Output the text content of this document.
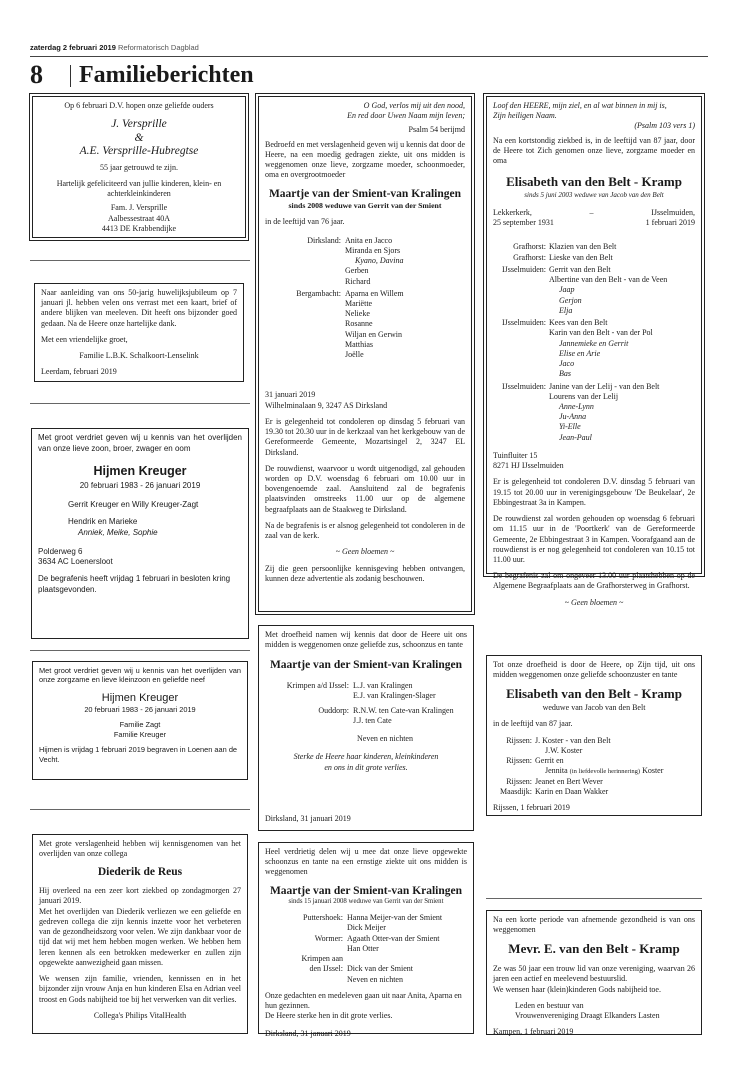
zaterdag 2 februari 2019 Reformatorisch Dagblad
8 Familieberichten
Op 6 februari D.V. hopen onze geliefde ouders
J. Versprille
&
A.E. Versprille-Hubregtse
55 jaar getrouwd te zijn.
Hartelijk gefeliciteerd van jullie kinderen, klein- en achterkleinkinderen
Fam. J. Versprille
Aalbessestraat 40A
4413 DE Krabbendijke
Naar aanleiding van ons 50-jarig huwelijksjubileum op 7 januari jl. hebben velen ons verrast met een kaart, brief of andere blijken van meeleven. Dit heeft ons bijzonder goed gedaan. Na de Heere onze hartelijke dank.
Met een vriendelijke groet,
Familie L.B.K. Schalkoort-Lenselink
Leerdam, februari 2019
Met groot verdriet geven wij u kennis van het overlijden van onze lieve zoon, broer, zwager en oom
Hijmen Kreuger
20 februari 1983 - 26 januari 2019
Gerrit Kreuger en Willy Kreuger-Zagt
Hendrik en Marieke
Anniek, Meike, Sophie
Polderweg 6
3634 AC Loenersloot
De begrafenis heeft vrijdag 1 februari in besloten kring plaatsgevonden.
Met groot verdriet geven wij u kennis van het overlijden van onze zorgzame en lieve kleinzoon en geliefde neef
Hijmen Kreuger
20 februari 1983 - 26 januari 2019
Familie Zagt
Familie Kreuger
Hijmen is vrijdag 1 februari 2019 begraven in Loenen aan de Vecht.
Met grote verslagenheid hebben wij kennisgenomen van het overlijden van onze collega
Diederik de Reus
Hij overleed na een zeer kort ziekbed op zondagmorgen 27 januari 2019.
Met het overlijden van Diederik verliezen we een geliefde en gedreven collega die zijn kennis inzette voor het verbeteren van de gezondheidszorg voor velen. We zijn dankbaar voor de tijd dat wij met hem hebben mogen werken. We hebben hem leren kennen als een betrokken medewerker en zullen zijn opgewekte aanwezigheid gaan missen.
We wensen zijn familie, vrienden, kennissen en in het bijzonder zijn vrouw Anja en hun kinderen Elsa en Adrian veel troost en Gods nabijheid toe bij het verwerken van dit verlies.
Collega's Philips VitalHealth
O God, verlos mij uit den nood,
En red door Uwen Naam mijn leven;
Psalm 54 berijmd
Bedroefd en met verslagenheid geven wij u kennis dat door de Heere, na een moedig gedragen ziekte, uit ons midden is weggenomen onze lieve, zorgzame moeder, schoonmoeder, oma en overgrootmoeder
Maartje van der Smient-van Kralingen
sinds 2008 weduwe van Gerrit van der Smient
in de leeftijd van 76 jaar.
Dirksland: Anita en Jacco
Miranda en Sjors
Kyano, Davina
Gerben
Richard
Bergambacht: Aparna en Willem
Mariëtte
Nelieke
Rosanne
Wiljan en Gerwin
Matthias
Joëlle
31 januari 2019
Wilhelminalaan 9, 3247 AS Dirksland
Er is gelegenheid tot condoleren op dinsdag 5 februari van 19.30 tot 20.30 uur in de kerkzaal van het kerkgebouw van de Gereformeerde Gemeente, Mozartsingel 2, 3247 EL Dirksland.
De rouwdienst, waarvoor u wordt uitgenodigd, zal gehouden worden op D.V. woensdag 6 februari om 10.00 uur in bovengenoemde zaal. Aansluitend zal de begrafenis plaatsvinden omstreeks 11.00 uur op de algemene begraafplaats aan de Staakweg te Dirksland.
Na de begrafenis is er alsnog gelegenheid tot condoleren in de zaal van de kerk.
~ Geen bloemen ~
Zij die geen persoonlijke kennisgeving hebben ontvangen, kunnen deze advertentie als zodanig beschouwen.
Met droefheid namen wij kennis dat door de Heere uit ons midden is weggenomen onze geliefde zus, schoonzus en tante
Maartje van der Smient-van Kralingen
Krimpen a/d IJssel: L.J. van Kralingen
E.J. van Kralingen-Slager
Ouddorp: R.N.W. ten Cate-van Kralingen
J.J. ten Cate
Neven en nichten
Sterke de Heere haar kinderen, kleinkinderen
en ons in dit grote verlies.
Dirksland, 31 januari 2019
Heel verdrietig delen wij u mee dat onze lieve opgewekte schoonzus en tante na een ernstige ziekte uit ons midden is weggenomen
Maartje van der Smient-van Kralingen
sinds 15 januari 2008 weduwe van Gerrit van der Smient
Puttershoek: Hanna Meijer-van der Smient
Dick Meijer
Wormer: Agaath Otter-van der Smient
Han Otter
Krimpen aan
den IJssel:
Dick van der Smient
Neven en nichten
Onze gedachten en medeleven gaan uit naar Anita, Aparna en hun gezinnen.
De Heere sterke hen in dit grote verlies.
Dirksland, 31 januari 2019
Loof den HEERE, mijn ziel, en al wat binnen in mij is,
Zijn heiligen Naam.
(Psalm 103 vers 1)
Na een kortstondig ziekbed is, in de leeftijd van 87 jaar, door de Heere tot Zich genomen onze lieve, zorgzame moeder en oma
Elisabeth van den Belt - Kramp
sinds 5 juni 2003 weduwe van Jacob van den Belt
Lekkerkerk,	–	IJsselmuiden,
25 september 1931	1 februari 2019
Grafhorst: Klazien van den Belt
Grafhorst: Lieske van den Belt
IJsselmuiden: Gerrit van den Belt
Albertine van den Belt - van de Veen
Jaap
Gerjon
Elja
IJsselmuiden: Kees van den Belt
Karin van den Belt - van der Pol
Jannemieke en Gerrit
Elise en Arie
Jaco
Bas
IJsselmuiden: Janine van der Lelij - van den Belt
Lourens van der Lelij
Anne-Lynn
Ju-Anna
Yi-Elle
Jean-Paul
Tuinfluiter 15
8271 HJ IJsselmuiden
Er is gelegenheid tot condoleren D.V. dinsdag 5 februari van 19.15 tot 20.00 uur in verenigingsgebouw 'De Beukelaar', 2e Ebbingestraat 3a in Kampen.
De rouwdienst zal worden gehouden op woensdag 6 februari om 11.15 uur in de 'Poortkerk' van de Gereformeerde Gemeente, 2e Ebbingestraat 3 in Kampen. Voorafgaand aan de rouwdienst is er nog gelegenheid tot condoleren van 10.15 tot 11.00 uur.
De begrafenis zal om ongeveer 13.00 uur plaatshebben op de Algemene Begraafplaats aan de Grafhorsterweg in Grafhorst.
~ Geen bloemen ~
Tot onze droefheid is door de Heere, op Zijn tijd, uit ons midden weggenomen onze geliefde schoonzuster en tante
Elisabeth van den Belt - Kramp
weduwe van Jacob van den Belt
in de leeftijd van 87 jaar.
Rijssen: J. Koster - van den Belt
J.W. Koster
Rijssen: Gerrit en
Jennita (in liefdevolle herinnering) Koster
Rijssen: Jeanet en Bert Wever
Maasdijk: Karin en Daan Wakker
Rijssen, 1 februari 2019
Na een korte periode van afnemende gezondheid is van ons weggenomen
Mevr. E. van den Belt - Kramp
Ze was 50 jaar een trouw lid van onze vereniging, waarvan 26 jaren een actief en meelevend bestuurslid.
We wensen haar (klein)kinderen Gods nabijheid toe.
Leden en bestuur van
Vrouwenvereniging Draagt Elkanders Lasten
Kampen, 1 februari 2019
